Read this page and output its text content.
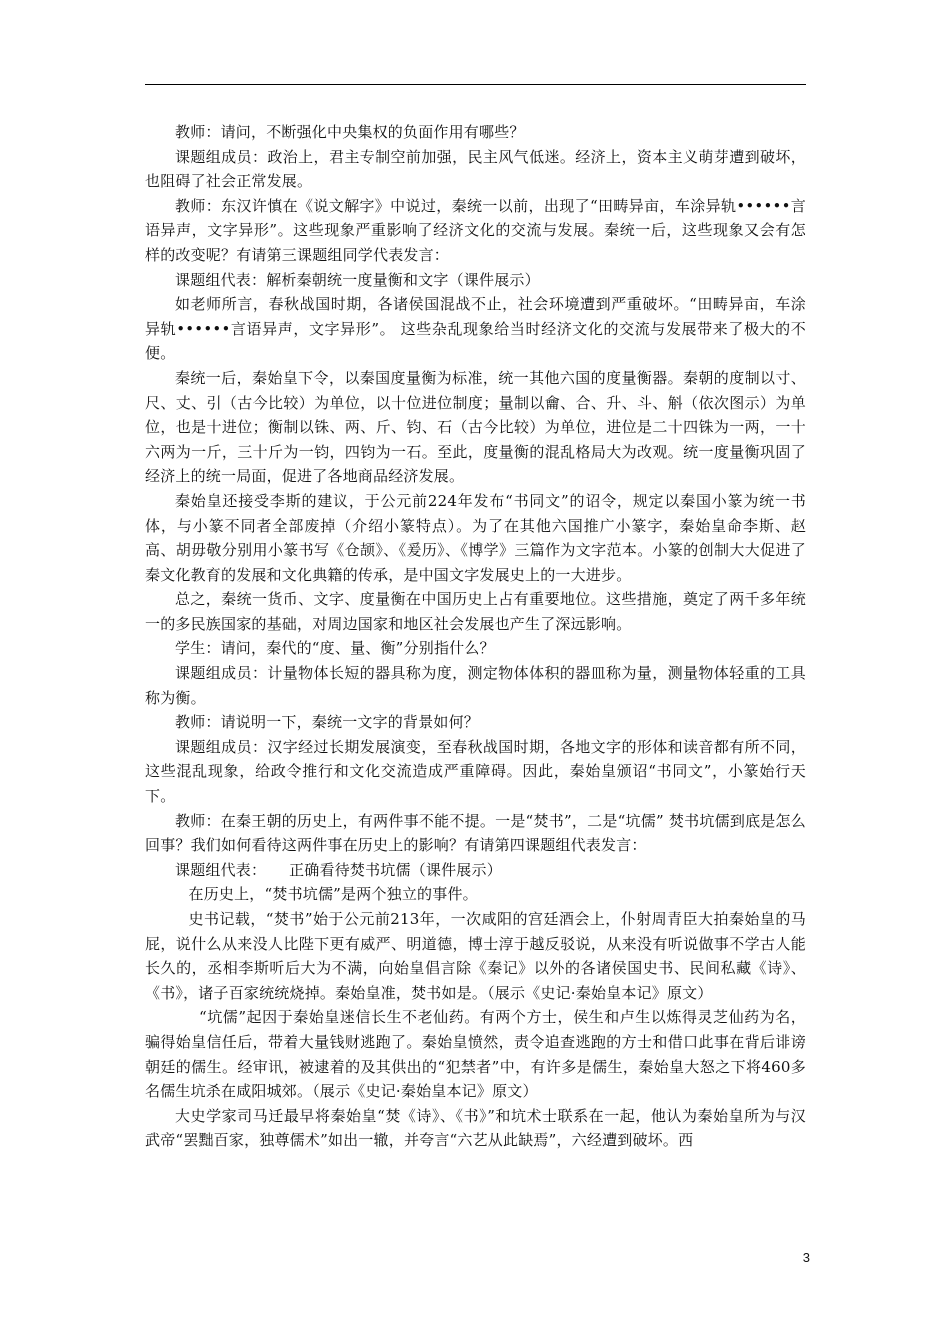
教师：请问，不断强化中央集权的负面作用有哪些？

课题组成员：政治上，君主专制空前加强，民主风气低迷。经济上，资本主义萌芽遭到破坏，也阻碍了社会正常发展。

教师：东汉许慎在《说文解字》中说过，秦统一以前，出现了“田畴异亩，车涂异轨••••••言语异声，文字异形”。这些现象严重影响了经济文化的交流与发展。秦统一后，这些现象又会有怎样的改变呢？有请第三课题组同学代表发言：

课题组代表：解析秦朝统一度量衡和文字（课件展示）

如老师所言，春秋战国时期，各诸侯国混战不止，社会环境遭到严重破坏。“田畴异亩，车涂异轨••••••言语异声，文字异形”。 这些杂乱现象给当时经济文化的交流与发展带来了极大的不便。

秦统一后，秦始皇下令，以秦国度量衡为标准，统一其他六国的度量衡器。秦朝的度制以寸、尺、丈、引（古今比较）为单位，以十位进位制度；量制以龠、合、升、斗、斛（依次图示）为单位，也是十进位；衡制以铢、两、斤、钧、石（古今比较）为单位，进位是二十四铢为一两，一十六两为一斤，三十斤为一钧，四钧为一石。至此，度量衡的混乱格局大为改观。统一度量衡巩固了经济上的统一局面，促进了各地商品经济发展。

秦始皇还接受李斯的建议，于公元前224年发布“书同文”的诏令，规定以秦国小篆为统一书体，与小篆不同者全部废掉（介绍小篆特点）。为了在其他六国推广小篆字，秦始皇命李斯、赵高、胡毋敬分别用小篆书写《仓颉》、《爰历》、《博学》三篇作为文字范本。小篆的创制大大促进了秦文化教育的发展和文化典籍的传承，是中国文字发展史上的一大进步。

总之，秦统一货币、文字、度量衡在中国历史上占有重要地位。这些措施，奠定了两千多年统一的多民族国家的基础，对周边国家和地区社会发展也产生了深远影响。

学生：请问，秦代的“度、量、衡”分别指什么？

课题组成员：计量物体长短的器具称为度，测定物体体积的器皿称为量，测量物体轻重的工具称为衡。

教师：请说明一下，秦统一文字的背景如何？

课题组成员：汉字经过长期发展演变，至春秋战国时期，各地文字的形体和读音都有所不同，这些混乱现象，给政令推行和文化交流造成严重障碍。因此，秦始皇颁诏“书同文”，小篆始行天下。

教师：在秦王朝的历史上，有两件事不能不提。一是“焚书”，二是“坑儒” 焚书坑儒到底是怎么回事？我们如何看待这两件事在历史上的影响？有请第四课题组代表发言：

课题组代表：　　正确看待焚书坑儒（课件展示）

在历史上，“焚书坑儒”是两个独立的事件。

史书记载，“焚书”始于公元前213年，一次咸阳的宫廷酒会上，仆射周青臣大拍秦始皇的马屁，说什么从来没人比陛下更有威严、明道德，博士淳于越反驳说，从来没有听说做事不学古人能长久的，丞相李斯听后大为不满，向始皇倡言除《秦记》以外的各诸侯国史书、民间私藏《诗》、《书》，诸子百家统统烧掉。秦始皇准，焚书如是。（展示《史记·秦始皇本记》原文）

“坑儒”起因于秦始皇迷信长生不老仙药。有两个方士，侯生和卢生以炼得灵芝仙药为名，骗得始皇信任后，带着大量钱财逃跑了。秦始皇愤然，责令追查逃跑的方士和借口此事在背后诽谤朝廷的儒生。经审讯，被逮着的及其供出的“犯禁者”中，有许多是儒生，秦始皇大怒之下将460多名儒生坑杀在咸阳城郊。（展示《史记·秦始皇本记》原文）

大史学家司马迁最早将秦始皇“焚《诗》、《书》”和坑术士联系在一起，他认为秦始皇所为与汉武帝“罢黜百家，独尊儒术”如出一辙，并夸言“六艺从此缺焉”，六经遭到破坏。西

3
